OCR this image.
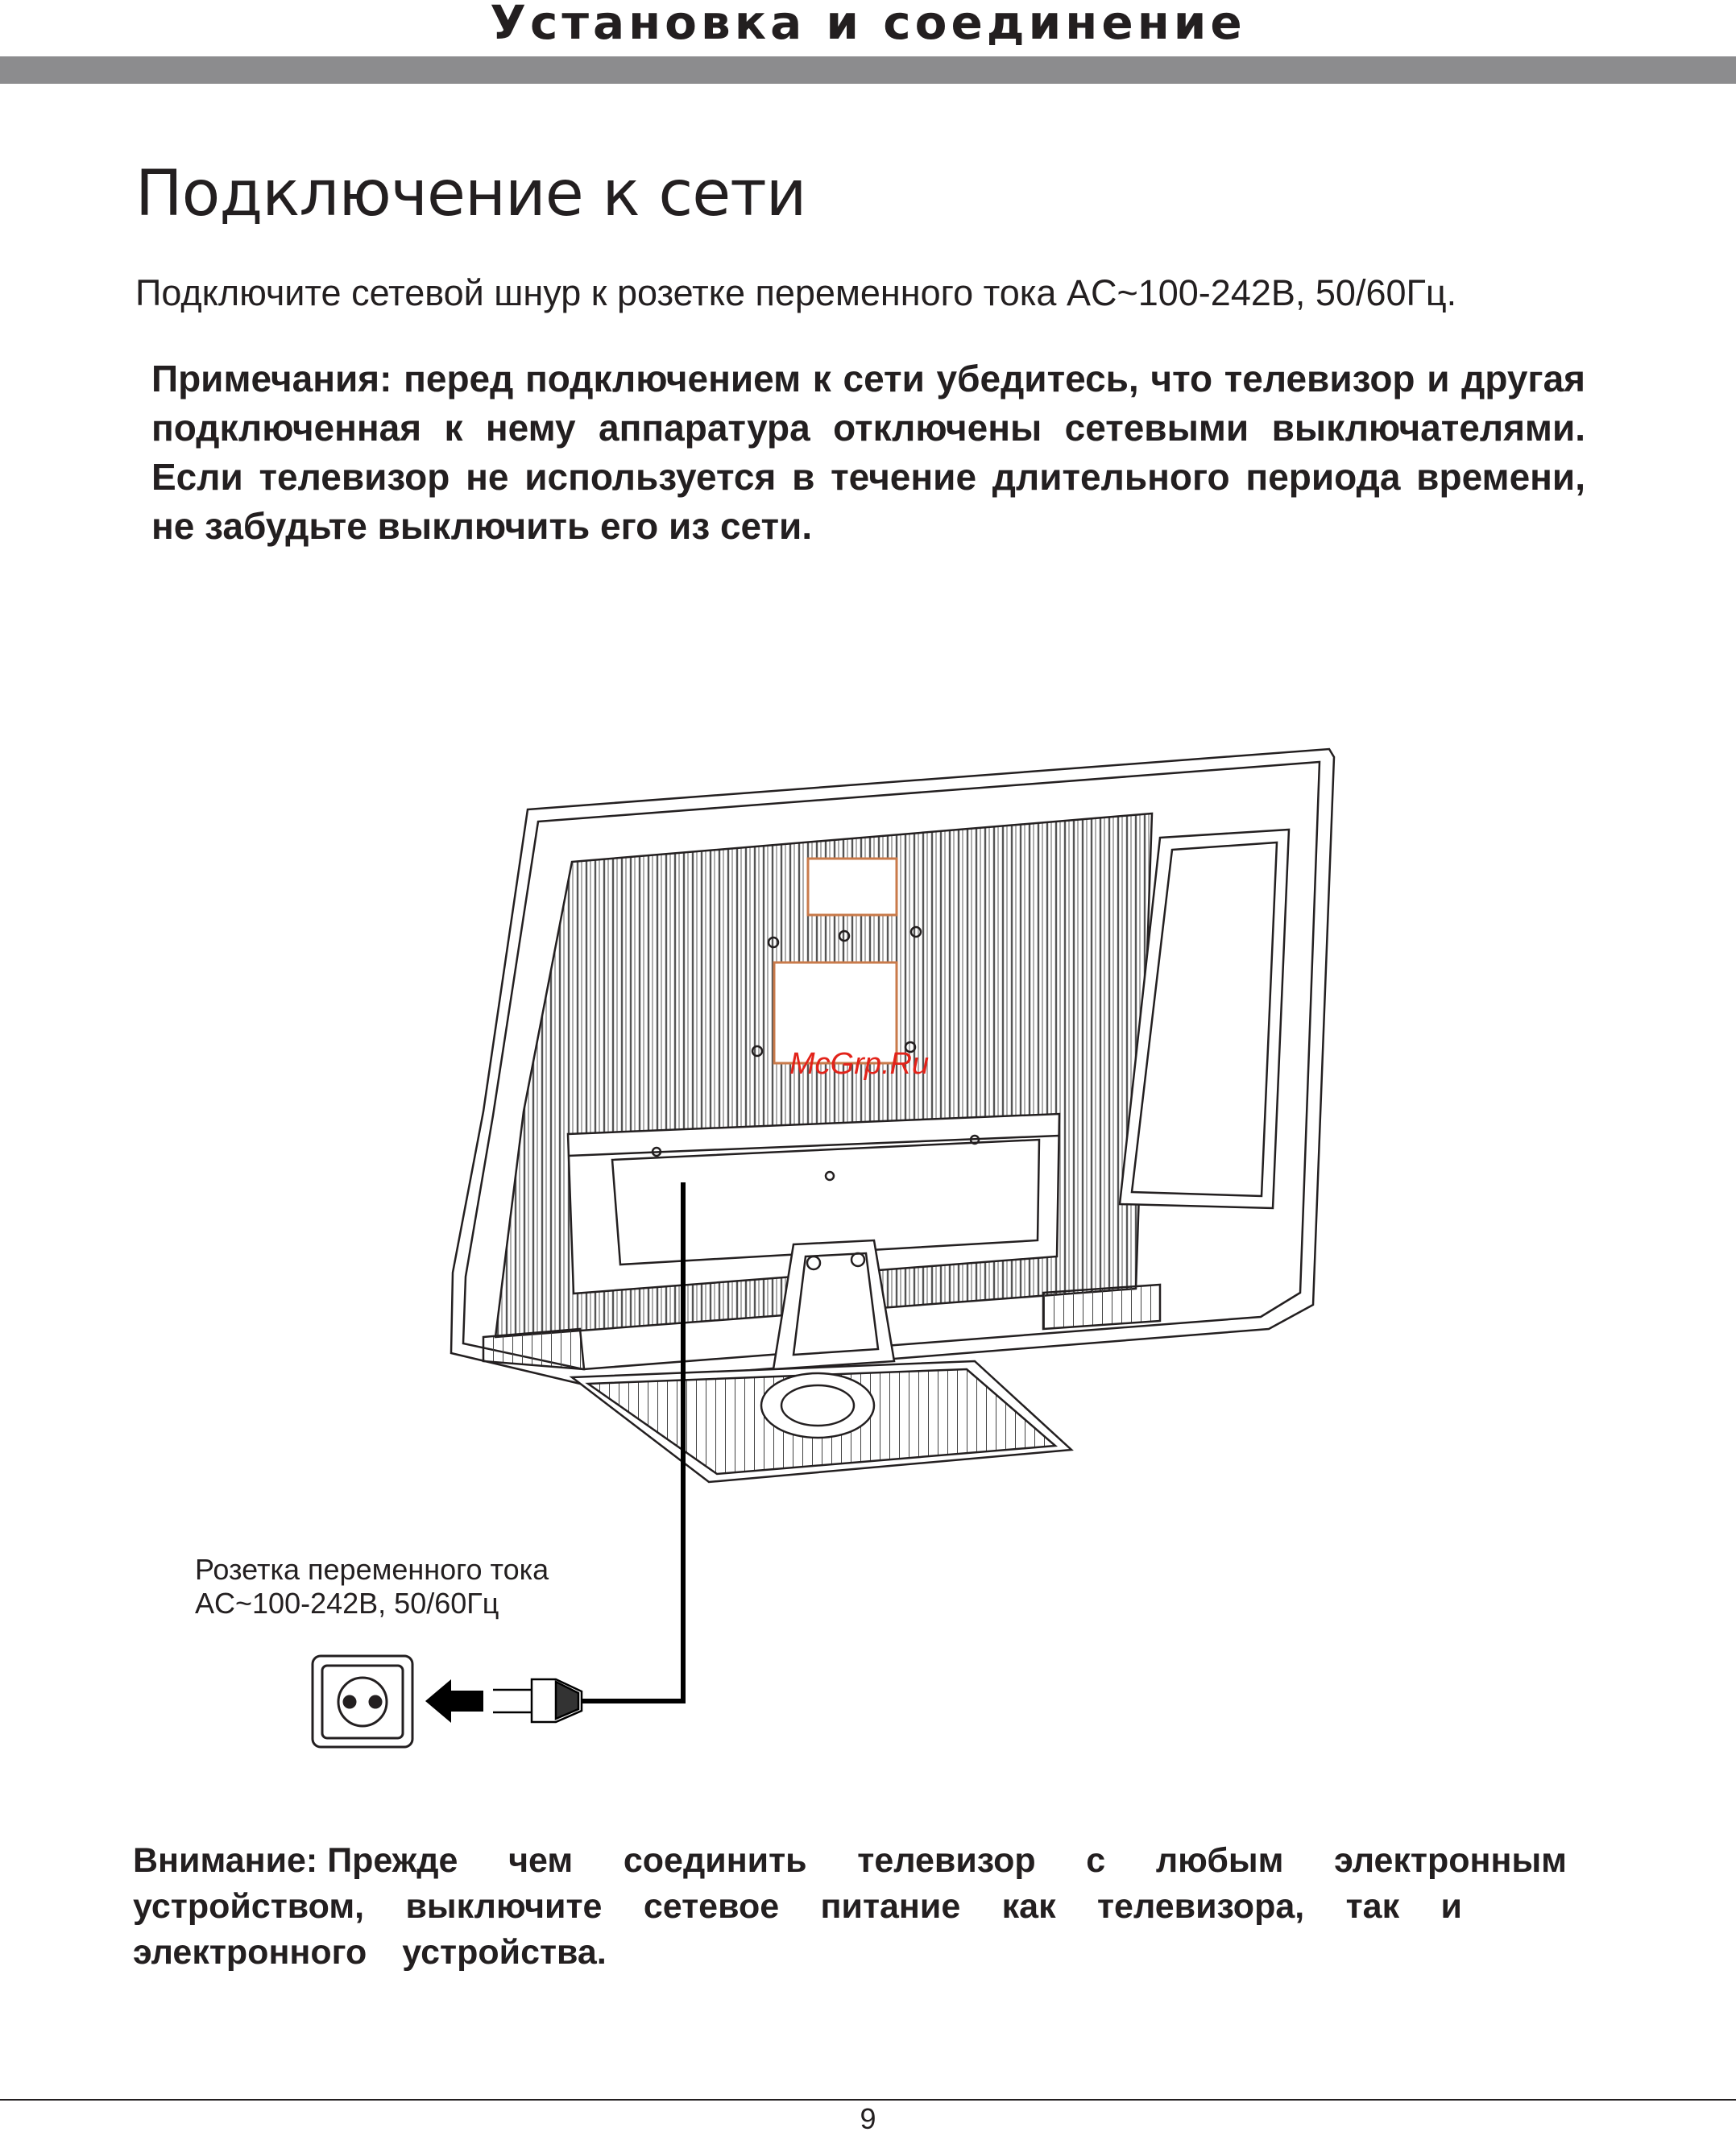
Установка и соединение
Подключение к сети
Подключите сетевой шнур к розетке переменного тока AC~100-242В, 50/60Гц.
Примечания: перед подключением к сети убедитесь, что телевизор и другая подключенная к нему аппаратура отключены сетевыми выключателями. Если телевизор не используется в течение длительного периода времени, не забудьте выключить его из сети.
McGrp.Ru
Розетка переменного тока
AC~100-242В, 50/60Гц
Внимание: Прежде чем соединить телевизор с любым электронным
устройством, выключите сетевое питание как телевизора, так и
электронного устройства.
9
